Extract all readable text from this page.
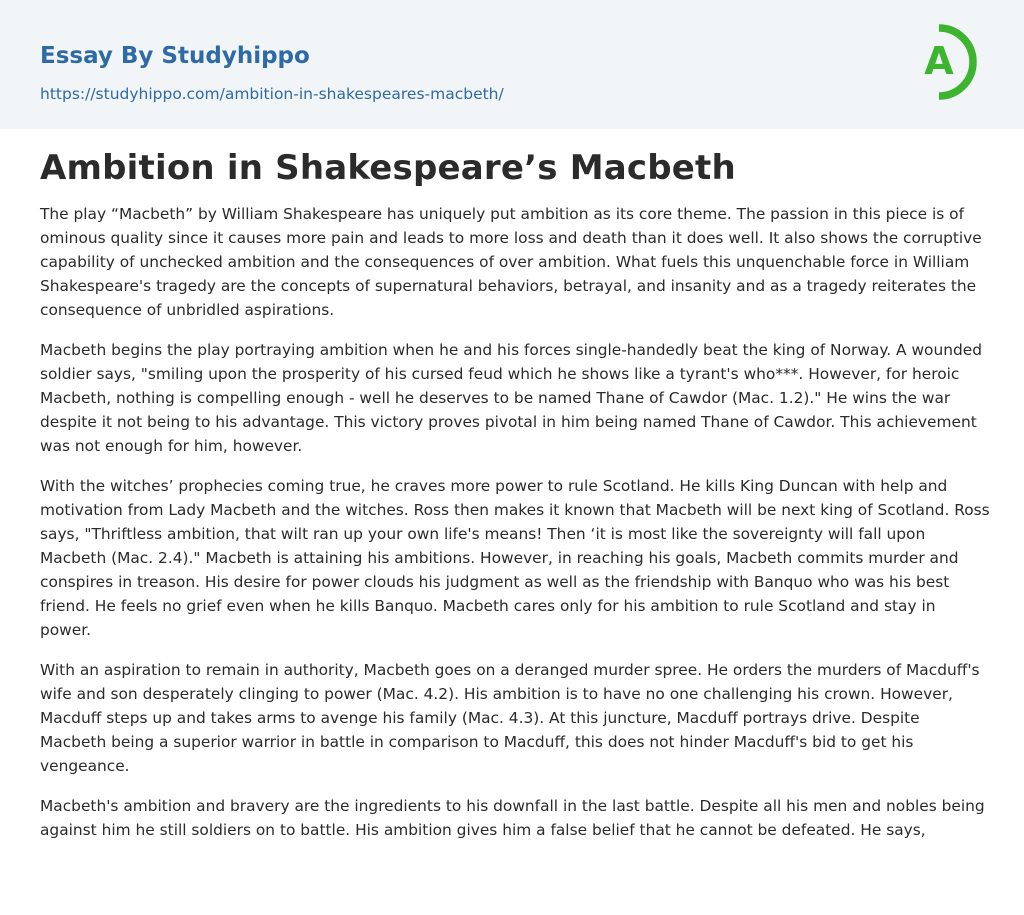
Essay By Studyhippo
https://studyhippo.com/ambition-in-shakespeares-macbeth/
A
Ambition in Shakespeare’s Macbeth

The play “Macbeth” by William Shakespeare has uniquely put ambition as its core theme. The passion in this piece is of ominous quality since it causes more pain and leads to more loss and death than it does well. It also shows the corruptive capability of unchecked ambition and the consequences of over ambition. What fuels this unquenchable force in William Shakespeare's tragedy are the concepts of supernatural behaviors, betrayal, and insanity and as a tragedy reiterates the consequence of unbridled aspirations.

Macbeth begins the play portraying ambition when he and his forces single-handedly beat the king of Norway. A wounded soldier says, "smiling upon the prosperity of his cursed feud which he shows like a tyrant's who***. However, for heroic Macbeth, nothing is compelling enough - well he deserves to be named Thane of Cawdor (Mac. 1.2)." He wins the war despite it not being to his advantage. This victory proves pivotal in him being named Thane of Cawdor. This achievement was not enough for him, however.

With the witches’ prophecies coming true, he craves more power to rule Scotland. He kills King Duncan with help and motivation from Lady Macbeth and the witches. Ross then makes it known that Macbeth will be next king of Scotland. Ross says, "Thriftless ambition, that wilt ran up your own life's means! Then ‘it is most like the sovereignty will fall upon Macbeth (Mac. 2.4)." Macbeth is attaining his ambitions. However, in reaching his goals, Macbeth commits murder and conspires in treason. His desire for power clouds his judgment as well as the friendship with Banquo who was his best friend. He feels no grief even when he kills Banquo. Macbeth cares only for his ambition to rule Scotland and stay in power.

With an aspiration to remain in authority, Macbeth goes on a deranged murder spree. He orders the murders of Macduff's wife and son desperately clinging to power (Mac. 4.2). His ambition is to have no one challenging his crown. However, Macduff steps up and takes arms to avenge his family (Mac. 4.3). At this juncture, Macduff portrays drive. Despite Macbeth being a superior warrior in battle in comparison to Macduff, this does not hinder Macduff's bid to get his vengeance.

Macbeth's ambition and bravery are the ingredients to his downfall in the last battle. Despite all his men and nobles being against him he still soldiers on to battle. His ambition gives him a false belief that he cannot be defeated. He says,
